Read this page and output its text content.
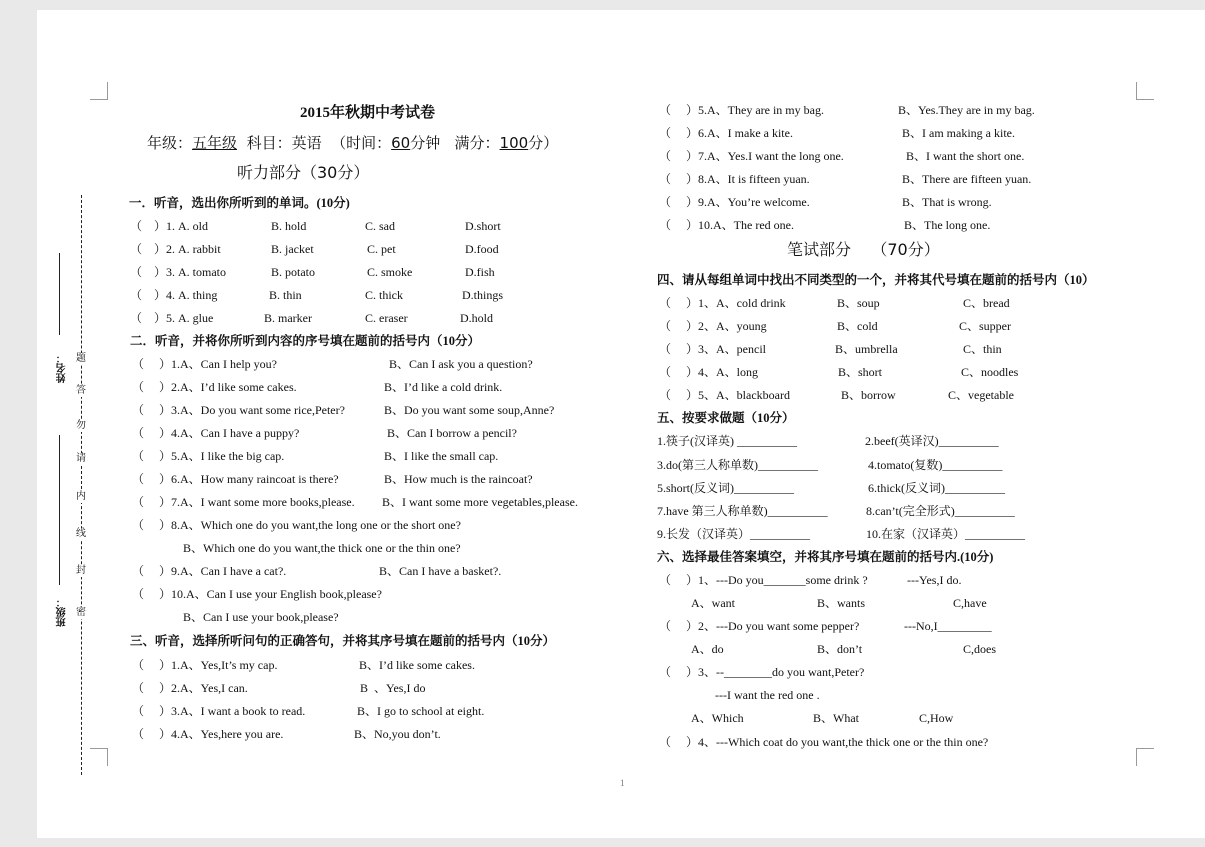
密
封
线
内
请
勿
答
题
姓名：
班级：
2015年秋期中考试卷
年级：五年级 科目：英语  （时间：60分钟   满分：100分）
听力部分（30分）
一．听音，选出你所听到的单词。(10分)
（    ）1. A. old	B. hold	C. sad	D.short
（    ）2. A. rabbit	B. jacket	C. pet	D.food
（    ）3. A. tomato	B. potato	C. smoke	D.fish
（    ）4. A. thing	B. thin	C. thick	D.things
（    ）5. A. glue	B. marker	C. eraser	D.hold
二．听音，并将你所听到内容的序号填在题前的括号内（10分）
（     ）1.A、Can I help you?	B、Can I ask you a question?
（     ）2.A、I’d like some cakes.	B、I’d like a cold drink.
（     ）3.A、Do you want some rice,Peter?	B、Do you want some soup,Anne?
（     ）4.A、Can I have a puppy?	B、Can I borrow a pencil?
（     ）5.A、I like the big cap.	B、I like the small cap.
（     ）6.A、How many raincoat is there?	B、How much is the raincoat?
（     ）7.A、I want some more books,please. B、I want some more vegetables,please.
（     ）8.A、Which one do you want,the long one or the short one?
B、Which one do you want,the thick one or the thin one?
（     ）9.A、Can I have a cat?.	B、Can I have a basket?.
（     ）10.A、Can I use your English book,please?
B、Can I use your book,please?
三、听音，选择所听问句的正确答句，并将其序号填在题前的括号内（10分）
（     ）1.A、Yes,It’s my cap.	B、I’d like some cakes.
（     ）2.A、Yes,I can.	B  、Yes,I do
（     ）3.A、I want a book to read.	B、I go to school at eight.
（     ）4.A、Yes,here you are.	B、No,you don’t.
（     ）5.A、They are in my bag.	B、Yes.They are in my bag.
（     ）6.A、I make a kite.	B、I am making a kite.
（     ）7.A、Yes.I want the long one.	B、I want the short one.
（     ）8.A、It is fifteen yuan.	B、There are fifteen yuan.
（     ）9.A、You’re welcome.	B、That is wrong.
（     ）10.A、The red one.	B、The long one.
笔试部分    （70分）
四、请从每组单词中找出不同类型的一个，并将其代号填在题前的括号内（10）
（     ）1、A、cold drink	B、soup	C、bread
（     ）2、A、young	B、cold	C、supper
（     ）3、A、pencil	B、umbrella	C、thin
（     ）4、A、long	B、short	C、noodles
（     ）5、A、blackboard	B、borrow	C、vegetable
五、按要求做题（10分）
1.筷子(汉译英) __________	2.beef(英译汉)__________
3.do(第三人称单数)__________	4.tomato(复数)__________
5.short(反义词)__________	6.thick(反义词)__________
7.have 第三人称单数)__________	8.can’t(完全形式)__________
9.长发（汉译英）__________	10.在家（汉译英）__________
六、选择最佳答案填空，并将其序号填在题前的括号内.(10分)
（     ）1、---Do you_______some drink ?	---Yes,I do.
A、want	B、wants	C,have
（     ）2、---Do you want some pepper?	---No,I_________
A、do	B、don’t	C,does
（     ）3、--________do you want,Peter?
---I want the red one .
A、Which	B、What	C,How
（     ）4、---Which coat do you want,the thick one or the thin one?
1
